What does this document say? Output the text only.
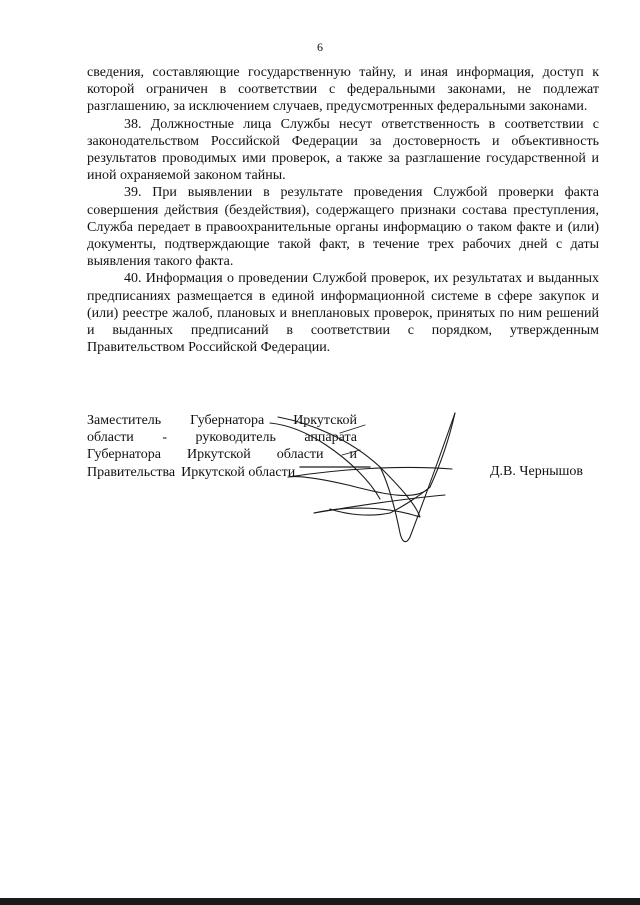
6

сведения, составляющие государственную тайну, и иная информация, доступ к которой ограничен в соответствии с федеральными законами, не подлежат разглашению, за исключением случаев, предусмотренных федеральными законами.

38. Должностные лица Службы несут ответственность в соответствии с законодательством Российской Федерации за достоверность и объективность результатов проводимых ими проверок, а также за разглашение государственной и иной охраняемой законом тайны.

39. При выявлении в результате проведения Службой проверки факта совершения действия (бездействия), содержащего признаки состава преступления, Служба передает в правоохранительные органы информацию о таком факте и (или) документы, подтверждающие такой факт, в течение трех рабочих дней с даты выявления такого факта.

40. Информация о проведении Службой проверок, их результатах и выданных предписаниях размещается в единой информационной системе в сфере закупок и (или) реестре жалоб, плановых и внеплановых проверок, принятых по ним решений и выданных предписаний в соответствии с порядком, утвержденным Правительством Российской Федерации.

Заместитель Губернатора Иркутской
области - руководитель аппарата
Губернатора Иркутской области и
Правительства Иркутской области	Д.В. Чернышов
